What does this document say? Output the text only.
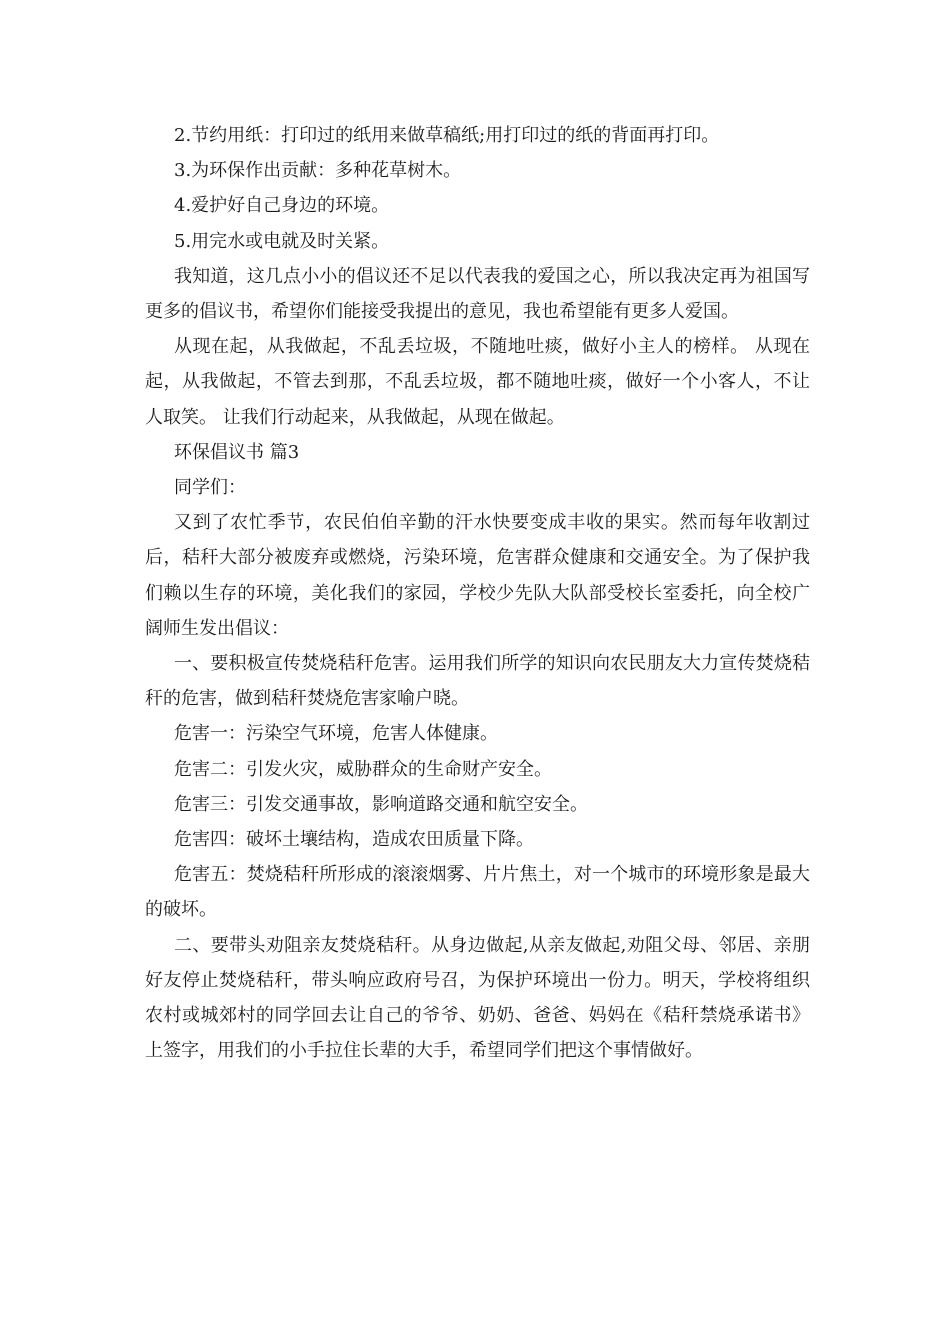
2.节约用纸：打印过的纸用来做草稿纸;用打印过的纸的背面再打印。

3.为环保作出贡献：多种花草树木。

4.爱护好自己身边的环境。

5.用完水或电就及时关紧。

我知道，这几点小小的倡议还不足以代表我的爱国之心，所以我决定再为祖国写更多的倡议书，希望你们能接受我提出的意见，我也希望能有更多人爱国。

从现在起，从我做起，不乱丢垃圾，不随地吐痰，做好小主人的榜样。 从现在起，从我做起，不管去到那，不乱丢垃圾，都不随地吐痰，做好一个小客人，不让人取笑。 让我们行动起来，从我做起，从现在做起。

环保倡议书 篇3

同学们：

又到了农忙季节，农民伯伯辛勤的汗水快要变成丰收的果实。然而每年收割过后，秸秆大部分被废弃或燃烧，污染环境，危害群众健康和交通安全。为了保护我们赖以生存的环境，美化我们的家园，学校少先队大队部受校长室委托，向全校广阔师生发出倡议：

一、要积极宣传焚烧秸秆危害。运用我们所学的知识向农民朋友大力宣传焚烧秸秆的危害，做到秸秆焚烧危害家喻户晓。

危害一：污染空气环境，危害人体健康。

危害二：引发火灾，威胁群众的生命财产安全。

危害三：引发交通事故，影响道路交通和航空安全。

危害四：破坏土壤结构，造成农田质量下降。

危害五：焚烧秸秆所形成的滚滚烟雾、片片焦土，对一个城市的环境形象是最大的破坏。

二、要带头劝阻亲友焚烧秸秆。从身边做起,从亲友做起,劝阻父母、邻居、亲朋好友停止焚烧秸秆，带头响应政府号召，为保护环境出一份力。明天，学校将组织农村或城郊村的同学回去让自己的爷爷、奶奶、爸爸、妈妈在《秸秆禁烧承诺书》上签字，用我们的小手拉住长辈的大手，希望同学们把这个事情做好。
